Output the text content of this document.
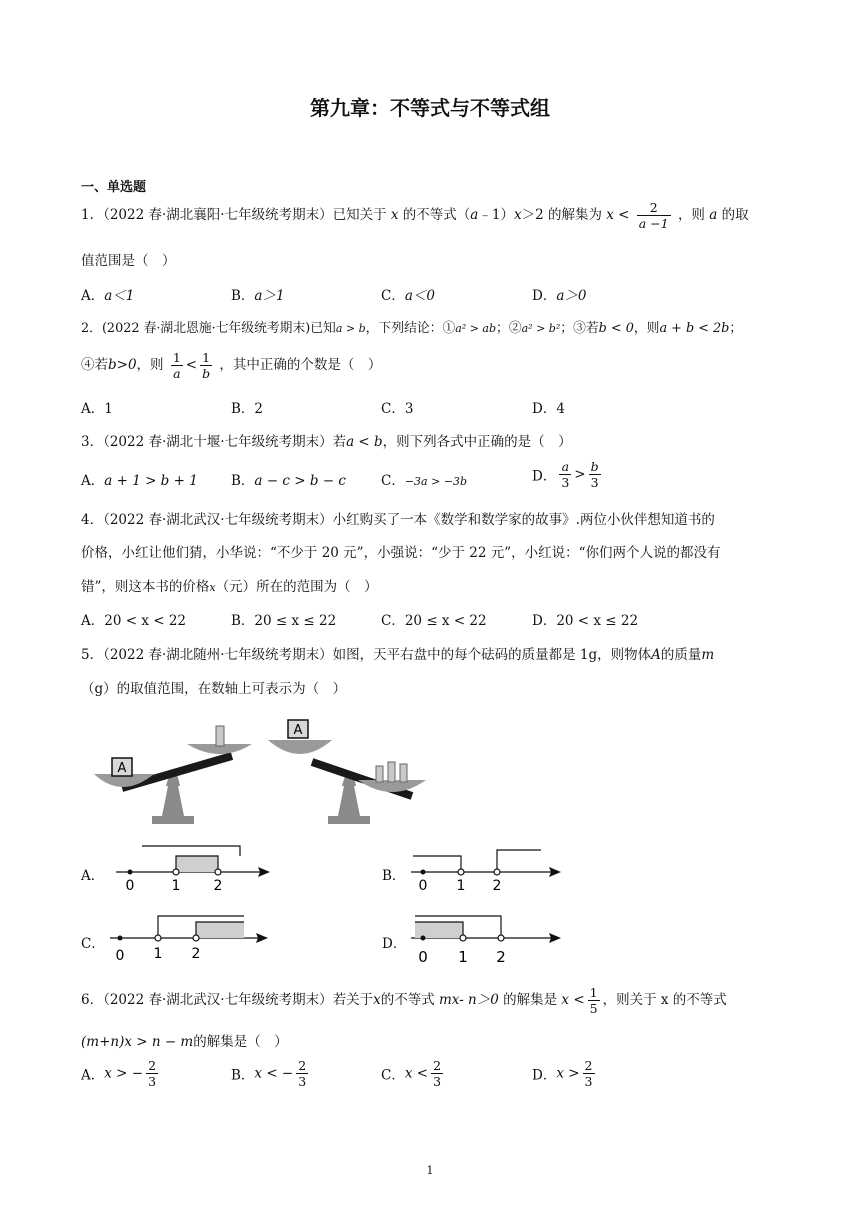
第九章：不等式与不等式组
一、单选题
1．（2022 春·湖北襄阳·七年级统考期末）已知关于 x 的不等式（a﹣1）x＞2 的解集为 $x < \frac{2}{a -1}$ ，则 a 的取
值范围是（　）
A．a＜1	B．a＞1	C．a＜0	D．a＞0
2．(2022 春·湖北恩施·七年级统考期末)已知a > b，下列结论：①a² > ab；②a² > b²；③若b < 0，则a + b < 2b；
④若b>0，则 $\frac{1}{a} < \frac{1}{b}$ ，其中正确的个数是（　）
A．1	B．2	C．3	D．4
3．（2022 春·湖北十堰·七年级统考期末）若a < b，则下列各式中正确的是（　）
A．a + 1 > b + 1 B．a − c > b − c	C．−3a > −3b	D． $\frac{a}{3} > \frac{b}{3}$
4．（2022 春·湖北武汉·七年级统考期末）小红购买了一本《数学和数学家的故事》.两位小伙伴想知道书的
价格，小红让他们猜，小华说：“不少于 20 元”，小强说：“少于 22 元”，小红说：“你们两个人说的都没有
错”，则这本书的价格x（元）所在的范围为（　）
A．20 < x < 22	B．20 ≤ x ≤ 22	C．20 ≤ x < 22	D．20 < x ≤ 22
5．（2022 春·湖北随州·七年级统考期末）如图，天平右盘中的每个砝码的质量都是 1g，则物体A的质量m
（g）的取值范围，在数轴上可表示为（　）
A
A
A．
0	1 2
B．
0 1 2
C．
0 1 2
D．
0 1 2
6．（2022 春·湖北武汉·七年级统考期末）若关于x的不等式 mx- n＞0 的解集是 $x < \frac{1}{5}$ ，则关于 x 的不等式
(m+n)x > n − m的解集是（　）
A．x > − $\frac{2}{3}$	B．x < − $\frac{2}{3}$	C．$x < \frac{2}{3}$	D．$x > \frac{2}{3}$
1
